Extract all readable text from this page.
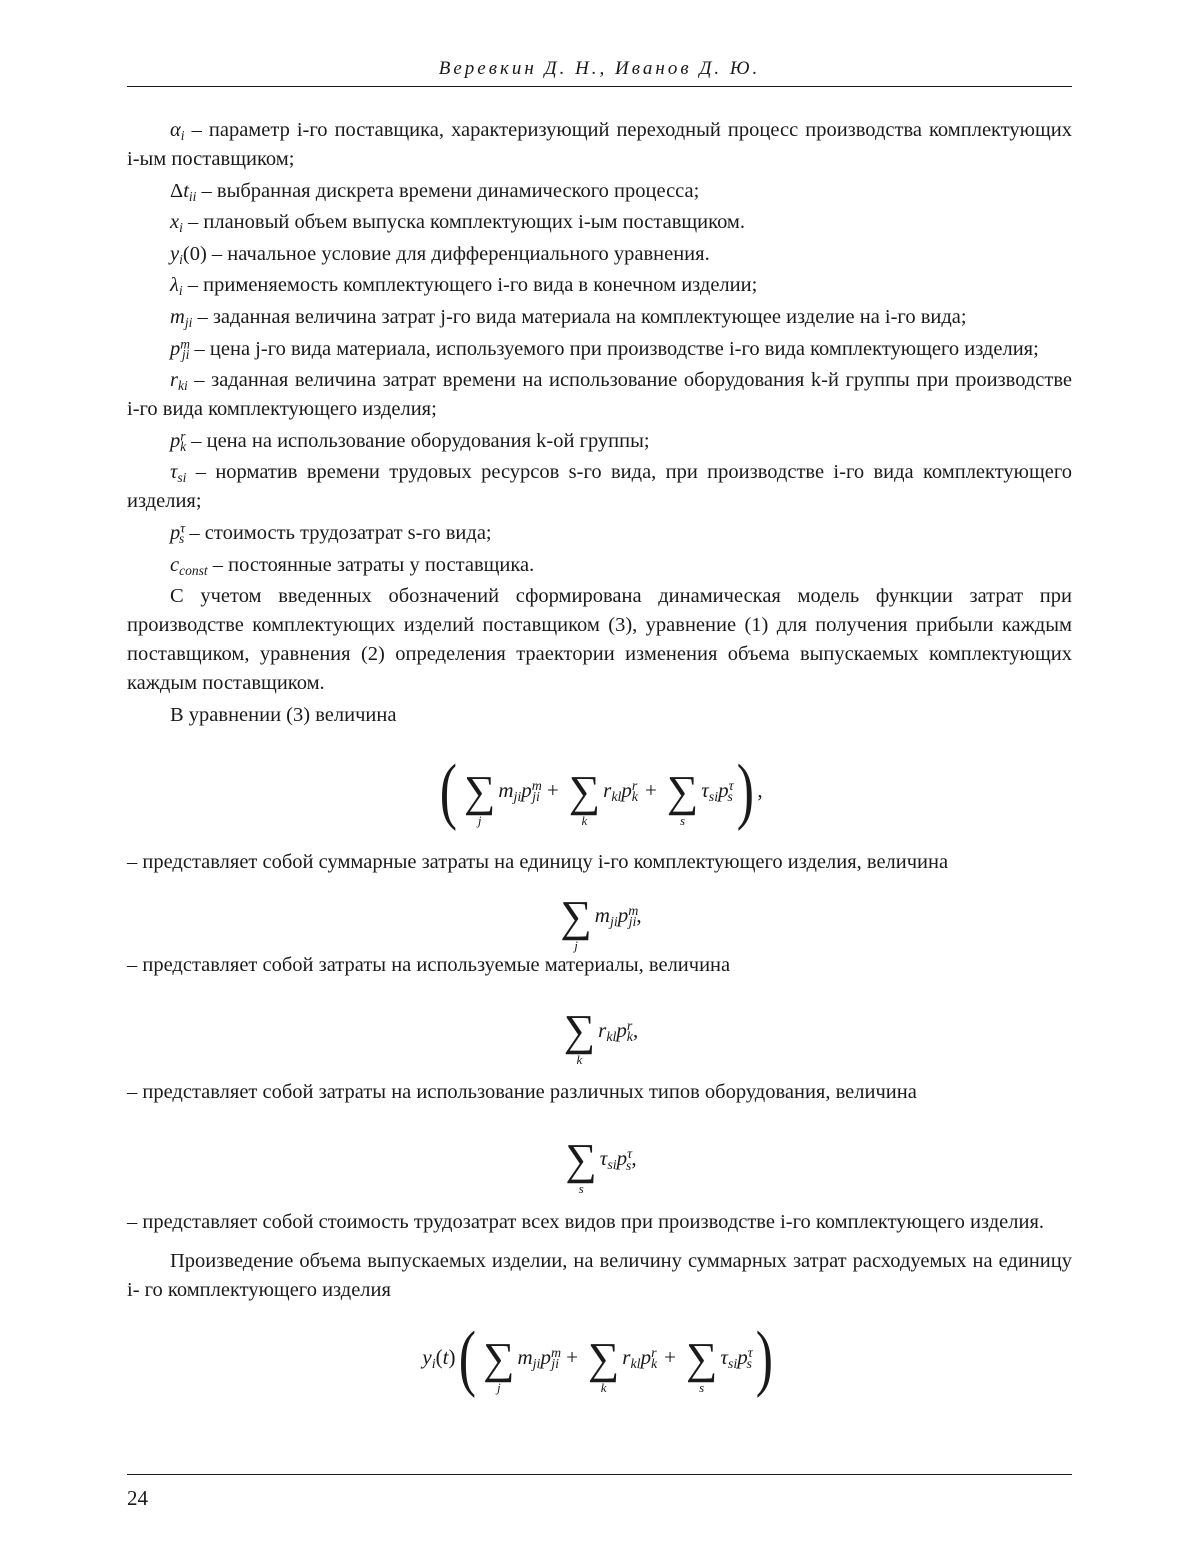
Веревкин Д. Н., Иванов Д. Ю.

$\alpha_i$ – параметр i-го поставщика, характеризующий переходный процесс производства комплектующих i-ым поставщиком;

$\Delta t_{ii}$ – выбранная дискрета времени динамического процесса;

$x_i$ – плановый объем выпуска комплектующих i-ым поставщиком.

$y_i(0)$ – начальное условие для дифференциального уравнения.

$\lambda_i$ – применяемость комплектующего i-го вида в конечном изделии;

$m_{ji}$ – заданная величина затрат j-го вида материала на комплектующее изделие на i-го вида;

$p^m_{ji}$ – цена j-го вида материала, используемого при производстве i-го вида комплектующего изделия;

$r_{ki}$ – заданная величина затрат времени на использование оборудования k-й группы при производстве i-го вида комплектующего изделия;

$p^r_k$ – цена на использование оборудования k-ой группы;

$\tau_{si}$ – норматив времени трудовых ресурсов s-го вида, при производстве i-го вида комплектующего изделия;

$p^\tau_s$ – стоимость трудозатрат s-го вида;

$c_{const}$ – постоянные затраты у поставщика.

С учетом введенных обозначений сформирована динамическая модель функции затрат при производстве комплектующих изделий поставщиком (3), уравнение (1) для получения прибыли каждым поставщиком, уравнения (2) определения траектории изменения объема выпускаемых комплектующих каждым поставщиком.

В уравнении (3) величина

( ∑
j
$m_{ji}p^m_{ji}$ + ∑
k
$r_{kl}p^r_k$ + ∑
s
$\tau_{si}p^\tau_s$ ) ,

– представляет собой суммарные затраты на единицу i-го комплектующего изделия, величина

∑
j
$m_{ji}p^m_{ji}$,

– представляет собой затраты на используемые материалы, величина

∑
k
$r_{kl}p^r_k$,

– представляет собой затраты на использование различных типов оборудования, величина

∑
s
$\tau_{si}p^\tau_s$,

– представляет собой стоимость трудозатрат всех видов при производстве i-го комплектующего изделия.

Произведение объема выпускаемых изделии, на величину суммарных затрат расходуемых на единицу i- го комплектующего изделия

$y_i(t)$ ( ∑
j
$m_{ji}p^m_{ji}$ + ∑
k
$r_{kl}p^r_k$ + ∑
s
$\tau_{si}p^\tau_s$ )
24
